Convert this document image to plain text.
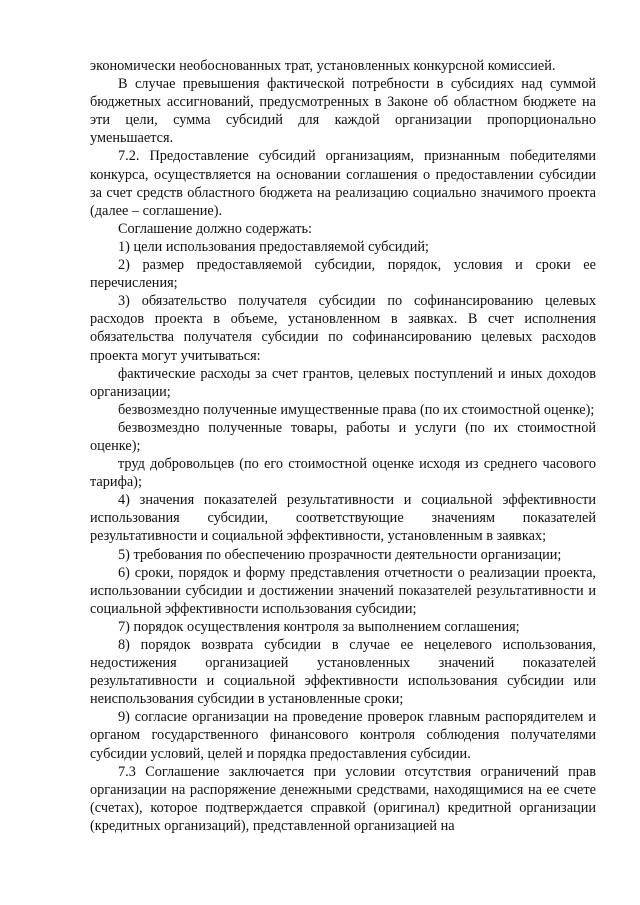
экономически необоснованных трат, установленных конкурсной комиссией.

В случае превышения фактической потребности в субсидиях над суммой бюджетных ассигнований, предусмотренных в Законе об областном бюджете на эти цели, сумма субсидий для каждой организации пропорционально уменьшается.

7.2. Предоставление субсидий организациям, признанным победителями конкурса, осуществляется на основании соглашения о предоставлении субсидии за счет средств областного бюджета на реализацию социально значимого проекта (далее – соглашение).

Соглашение должно содержать:

1) цели использования предоставляемой субсидий;

2) размер предоставляемой субсидии, порядок, условия и сроки ее перечисления;

3) обязательство получателя субсидии по софинансированию целевых расходов проекта в объеме, установленном в заявках. В счет исполнения обязательства получателя субсидии по софинансированию целевых расходов проекта могут учитываться:

фактические расходы за счет грантов, целевых поступлений и иных доходов организации;

безвозмездно полученные имущественные права (по их стоимостной оценке);

безвозмездно полученные товары, работы и услуги (по их стоимостной оценке);

труд добровольцев (по его стоимостной оценке исходя из среднего часового тарифа);

4) значения показателей результативности и социальной эффективности использования субсидии, соответствующие значениям показателей результативности и социальной эффективности, установленным в заявках;

5) требования по обеспечению прозрачности деятельности организации;

6) сроки, порядок и форму представления отчетности о реализации проекта, использовании субсидии и достижении значений показателей результативности и социальной эффективности использования субсидии;

7) порядок осуществления контроля за выполнением соглашения;

8) порядок возврата субсидии в случае ее нецелевого использования, недостижения организацией установленных значений показателей результативности и социальной эффективности использования субсидии или неиспользования субсидии в установленные сроки;

9) согласие организации на проведение проверок главным распорядителем и органом государственного финансового контроля соблюдения получателями субсидии условий, целей и порядка предоставления субсидии.

7.3 Соглашение заключается при условии отсутствия ограничений прав организации на распоряжение денежными средствами, находящимися на ее счете (счетах), которое подтверждается справкой (оригинал) кредитной организации (кредитных организаций), представленной организацией на
